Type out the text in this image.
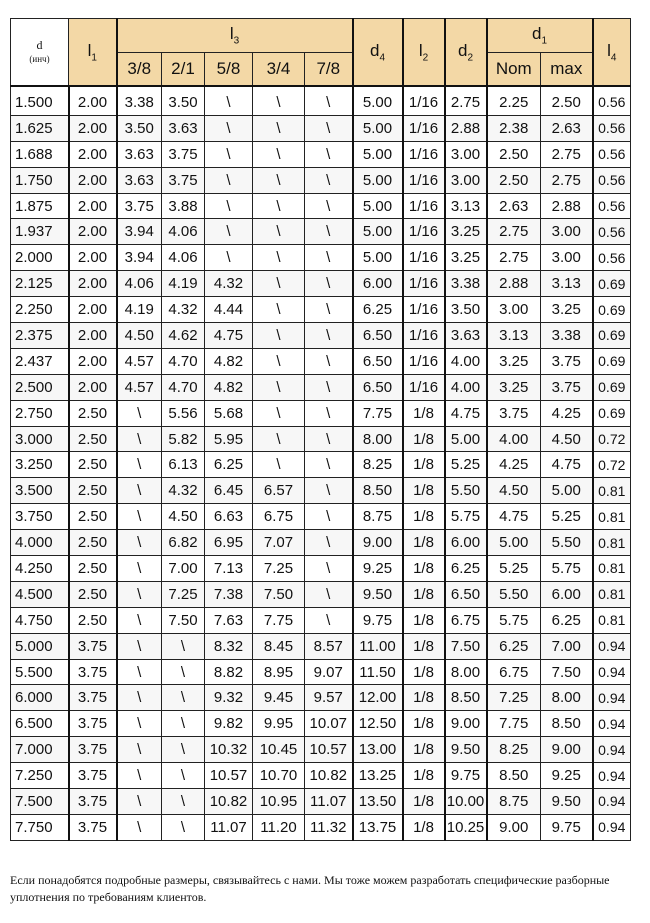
d
(инч)	$l_1$	$l_3$					$d_4$	$l_2$	$d_2$	$d_1$		$l_4$
		3/8	2/1	5/8	3/4	7/8				Nom	max	
1.500	2.00	3.38	3.50	\	\	\	5.00	1/16	2.75	2.25	2.50	0.56
1.625	2.00	3.50	3.63	\	\	\	5.00	1/16	2.88	2.38	2.63	0.56
1.688	2.00	3.63	3.75	\	\	\	5.00	1/16	3.00	2.50	2.75	0.56
1.750	2.00	3.63	3.75	\	\	\	5.00	1/16	3.00	2.50	2.75	0.56
1.875	2.00	3.75	3.88	\	\	\	5.00	1/16	3.13	2.63	2.88	0.56
1.937	2.00	3.94	4.06	\	\	\	5.00	1/16	3.25	2.75	3.00	0.56
2.000	2.00	3.94	4.06	\	\	\	5.00	1/16	3.25	2.75	3.00	0.56
2.125	2.00	4.06	4.19	4.32	\	\	6.00	1/16	3.38	2.88	3.13	0.69
2.250	2.00	4.19	4.32	4.44	\	\	6.25	1/16	3.50	3.00	3.25	0.69
2.375	2.00	4.50	4.62	4.75	\	\	6.50	1/16	3.63	3.13	3.38	0.69
2.437	2.00	4.57	4.70	4.82	\	\	6.50	1/16	4.00	3.25	3.75	0.69
2.500	2.00	4.57	4.70	4.82	\	\	6.50	1/16	4.00	3.25	3.75	0.69
2.750	2.50	\	5.56	5.68	\	\	7.75	1/8	4.75	3.75	4.25	0.69
3.000	2.50	\	5.82	5.95	\	\	8.00	1/8	5.00	4.00	4.50	0.72
3.250	2.50	\	6.13	6.25	\	\	8.25	1/8	5.25	4.25	4.75	0.72
3.500	2.50	\	4.32	6.45	6.57	\	8.50	1/8	5.50	4.50	5.00	0.81
3.750	2.50	\	4.50	6.63	6.75	\	8.75	1/8	5.75	4.75	5.25	0.81
4.000	2.50	\	6.82	6.95	7.07	\	9.00	1/8	6.00	5.00	5.50	0.81
4.250	2.50	\	7.00	7.13	7.25	\	9.25	1/8	6.25	5.25	5.75	0.81
4.500	2.50	\	7.25	7.38	7.50	\	9.50	1/8	6.50	5.50	6.00	0.81
4.750	2.50	\	7.50	7.63	7.75	\	9.75	1/8	6.75	5.75	6.25	0.81
5.000	3.75	\	\	8.32	8.45	8.57	11.00	1/8	7.50	6.25	7.00	0.94
5.500	3.75	\	\	8.82	8.95	9.07	11.50	1/8	8.00	6.75	7.50	0.94
6.000	3.75	\	\	9.32	9.45	9.57	12.00	1/8	8.50	7.25	8.00	0.94
6.500	3.75	\	\	9.82	9.95	10.07	12.50	1/8	9.00	7.75	8.50	0.94
7.000	3.75	\	\	10.32	10.45	10.57	13.00	1/8	9.50	8.25	9.00	0.94
7.250	3.75	\	\	10.57	10.70	10.82	13.25	1/8	9.75	8.50	9.25	0.94
7.500	3.75	\	\	10.82	10.95	11.07	13.50	1/8	10.00	8.75	9.50	0.94
7.750	3.75	\	\	11.07	11.20	11.32	13.75	1/8	10.25	9.00	9.75	0.94
Если понадобятся подробные размеры, связывайтесь с нами. Мы тоже можем разработать специфические разборные уплотнения по требованиям клиентов.
